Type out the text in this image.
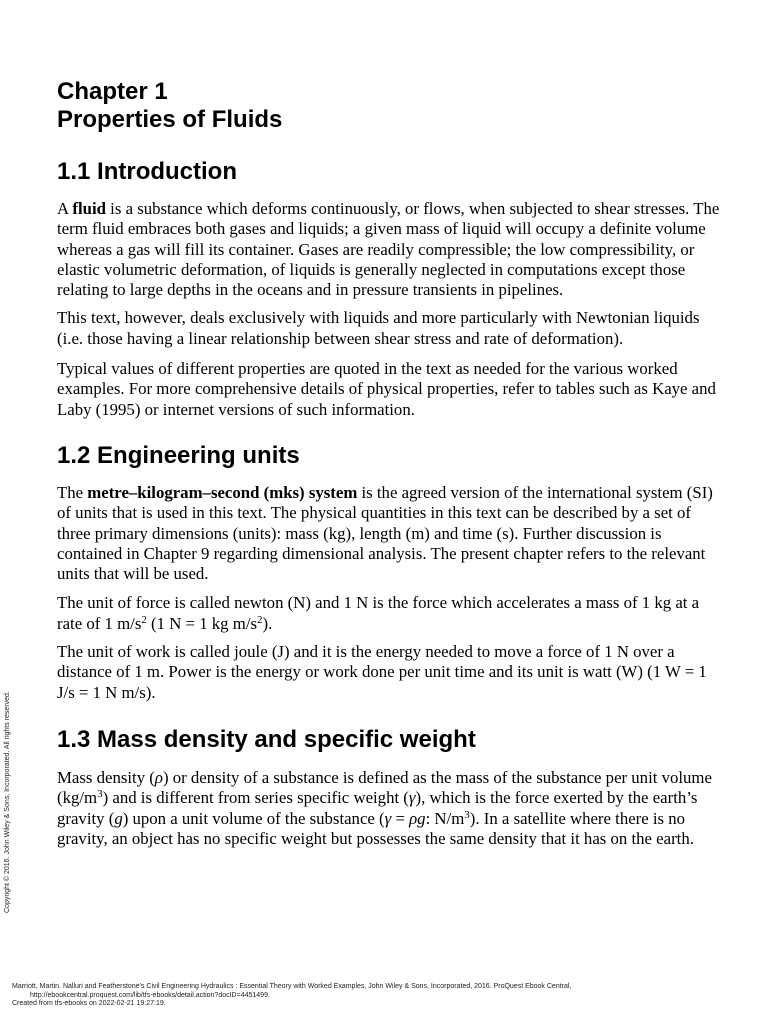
Chapter 1
Properties of Fluids
1.1 Introduction

A fluid is a substance which deforms continuously, or flows, when subjected to shear stresses. The term fluid embraces both gases and liquids; a given mass of liquid will occupy a definite volume whereas a gas will fill its container. Gases are readily compressible; the low compressibility, or elastic volumetric deformation, of liquids is generally neglected in computations except those relating to large depths in the oceans and in pressure transients in pipelines.

This text, however, deals exclusively with liquids and more particularly with Newtonian liquids (i.e. those having a linear relationship between shear stress and rate of deformation).

Typical values of different properties are quoted in the text as needed for the various worked examples. For more comprehensive details of physical properties, refer to tables such as Kaye and Laby (1995) or internet versions of such information.

1.2 Engineering units

The metre–kilogram–second (mks) system is the agreed version of the international system (SI) of units that is used in this text. The physical quantities in this text can be described by a set of three primary dimensions (units): mass (kg), length (m) and time (s). Further discussion is contained in Chapter 9 regarding dimensional analysis. The present chapter refers to the relevant units that will be used.

The unit of force is called newton (N) and 1 N is the force which accelerates a mass of 1 kg at a rate of 1 $m/s^2$ (1 N = 1 kg $m/s^2$).

The unit of work is called joule (J) and it is the energy needed to move a force of 1 N over a distance of 1 m. Power is the energy or work done per unit time and its unit is watt (W) (1 W = 1 J/s = 1 N m/s).

1.3 Mass density and specific weight

Mass density (ρ) or density of a substance is defined as the mass of the substance per unit volume $(kg/m^3)$ and is different from series specific weight (γ), which is the force exerted by the earth’s gravity (g) upon a unit volume of the substance (γ = ρg: $N/m^3$). In a satellite where there is no gravity, an object has no specific weight but possesses the same density that it has on the earth.

Copyright © 2016. John Wiley & Sons, Incorporated. All rights reserved.
Marriott, Martin. Nalluri and Featherstone's Civil Engineering Hydraulics : Essential Theory with Worked Examples, John Wiley & Sons, Incorporated, 2016. ProQuest Ebook Central,
http://ebookcentral.proquest.com/lib/tfs-ebooks/detail.action?docID=4451499.
Created from tfs-ebooks on 2022-02-21 19:27:19.
